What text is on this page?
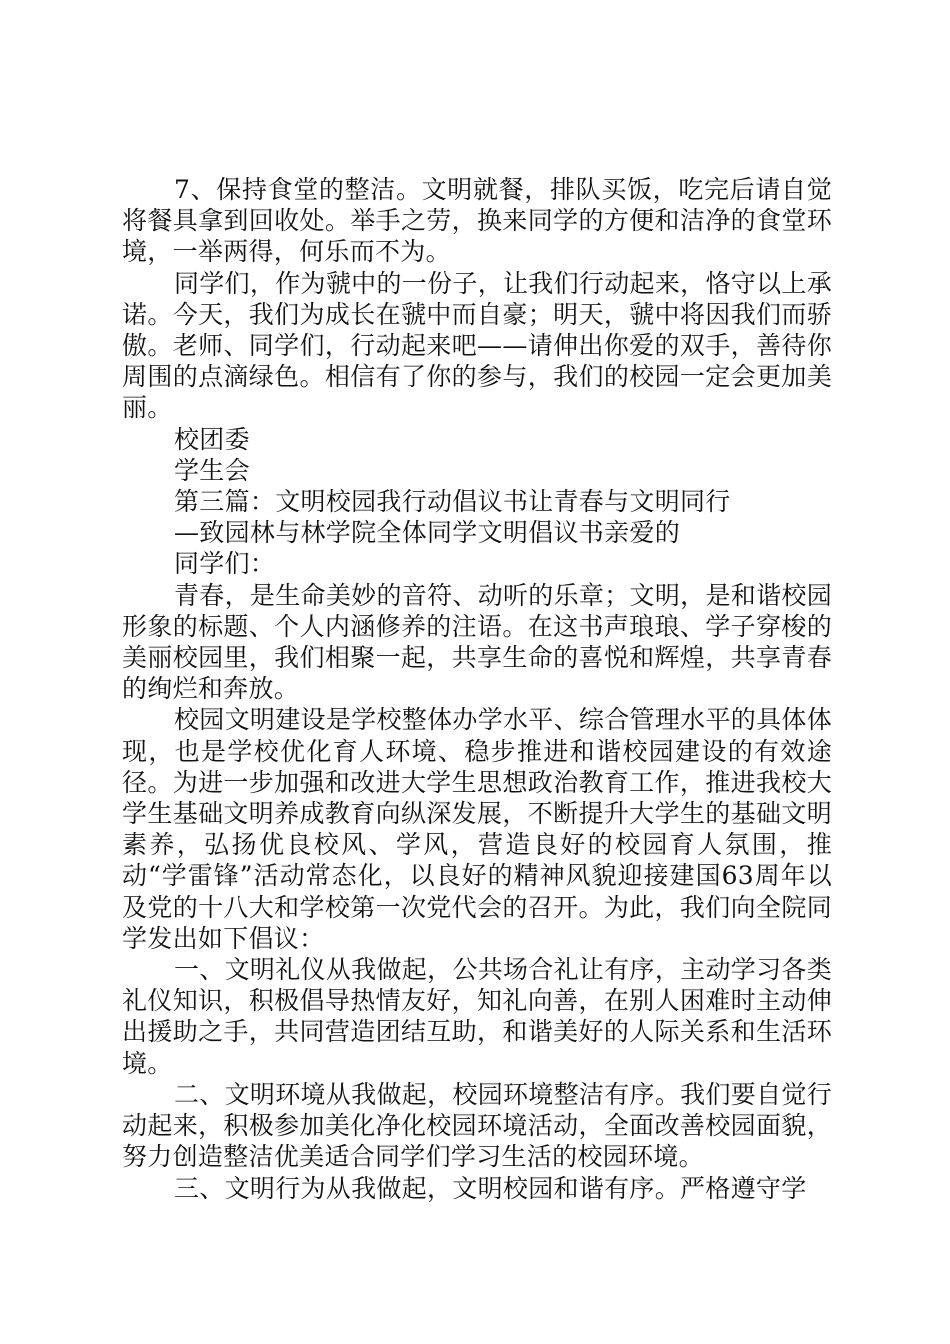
7、保持食堂的整洁。文明就餐，排队买饭，吃完后请自觉将餐具拿到回收处。举手之劳，换来同学的方便和洁净的食堂环境，一举两得，何乐而不为。

同学们，作为虢中的一份子，让我们行动起来，恪守以上承诺。今天，我们为成长在虢中而自豪；明天，虢中将因我们而骄傲。老师、同学们，行动起来吧——请伸出你爱的双手，善待你周围的点滴绿色。相信有了你的参与，我们的校园一定会更加美丽。

校团委

学生会

第三篇：文明校园我行动倡议书让青春与文明同行

—致园林与林学院全体同学文明倡议书亲爱的

同学们：

青春，是生命美妙的音符、动听的乐章；文明，是和谐校园形象的标题、个人内涵修养的注语。在这书声琅琅、学子穿梭的美丽校园里，我们相聚一起，共享生命的喜悦和辉煌，共享青春的绚烂和奔放。

校园文明建设是学校整体办学水平、综合管理水平的具体体现，也是学校优化育人环境、稳步推进和谐校园建设的有效途径。为进一步加强和改进大学生思想政治教育工作，推进我校大学生基础文明养成教育向纵深发展，不断提升大学生的基础文明素养，弘扬优良校风、学风，营造良好的校园育人氛围，推动“学雷锋”活动常态化，以良好的精神风貌迎接建国63周年以及党的十八大和学校第一次党代会的召开。为此，我们向全院同学发出如下倡议：

一、文明礼仪从我做起，公共场合礼让有序，主动学习各类礼仪知识，积极倡导热情友好，知礼向善，在别人困难时主动伸出援助之手，共同营造团结互助，和谐美好的人际关系和生活环境。

二、文明环境从我做起，校园环境整洁有序。我们要自觉行动起来，积极参加美化净化校园环境活动，全面改善校园面貌，努力创造整洁优美适合同学们学习生活的校园环境。

三、文明行为从我做起，文明校园和谐有序。严格遵守学
